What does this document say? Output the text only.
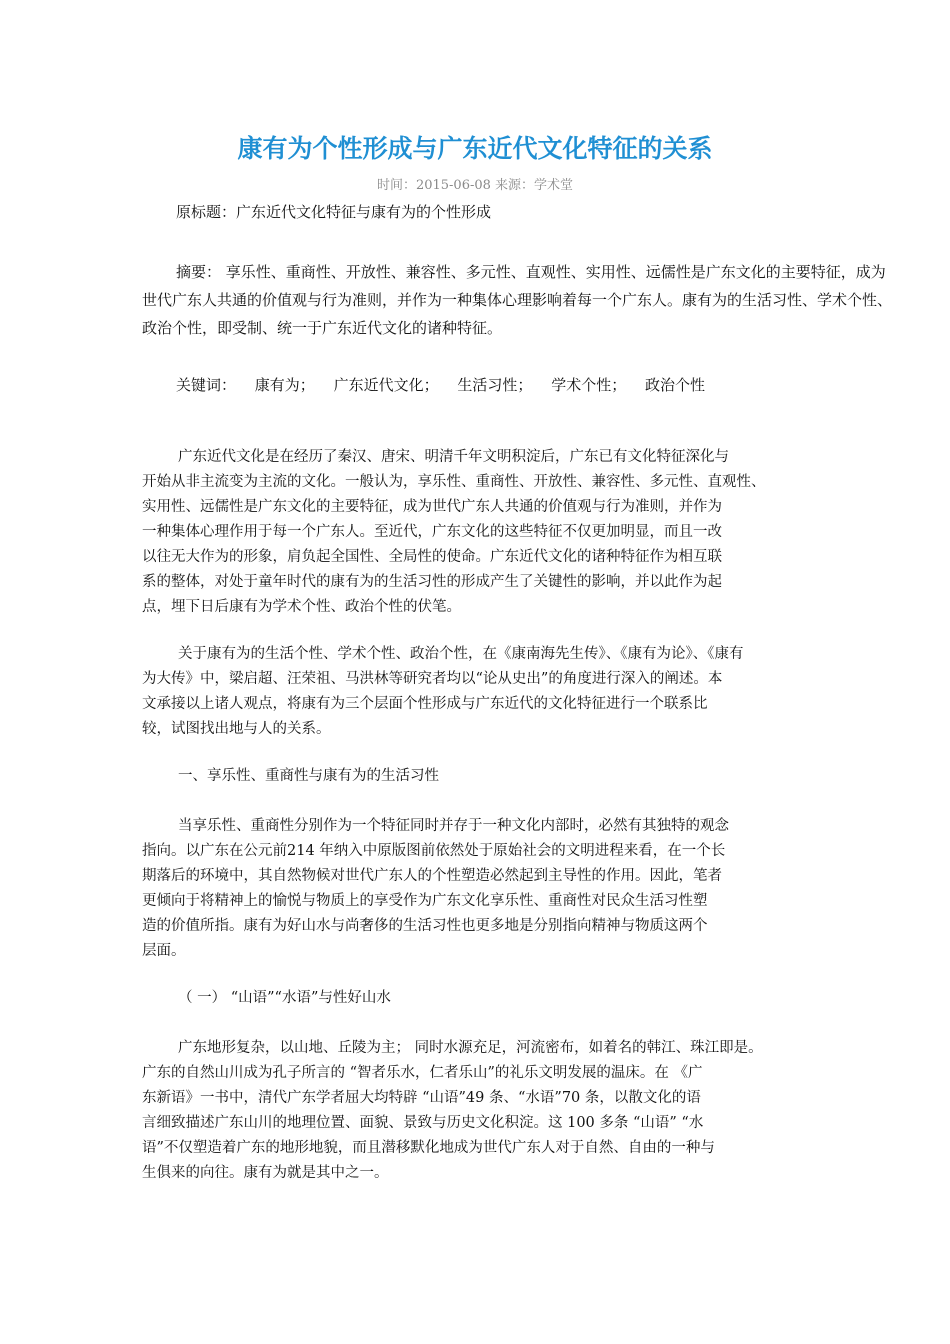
康有为个性形成与广东近代文化特征的关系
时间：2015-06-08 来源：学术堂
原标题：广东近代文化特征与康有为的个性形成
摘要： 享乐性、重商性、开放性、兼容性、多元性、直观性、实用性、远儒性是广东文化的主要特征，成为
世代广东人共通的价值观与行为准则，并作为一种集体心理影响着每一个广东人。康有为的生活习性、学术个性、
政治个性，即受制、统一于广东近代文化的诸种特征。
关键词： 康有为； 广东近代文化； 生活习性； 学术个性； 政治个性
广东近代文化是在经历了秦汉、唐宋、明清千年文明积淀后，广东已有文化特征深化与
开始从非主流变为主流的文化。一般认为，享乐性、重商性、开放性、兼容性、多元性、直观性、
实用性、远儒性是广东文化的主要特征，成为世代广东人共通的价值观与行为准则，并作为
一种集体心理作用于每一个广东人。至近代，广东文化的这些特征不仅更加明显，而且一改
以往无大作为的形象，肩负起全国性、全局性的使命。广东近代文化的诸种特征作为相互联
系的整体，对处于童年时代的康有为的生活习性的形成产生了关键性的影响，并以此作为起
点，埋下日后康有为学术个性、政治个性的伏笔。
关于康有为的生活个性、学术个性、政治个性，在《康南海先生传》、《康有为论》、《康有
为大传》中，梁启超、汪荣祖、马洪林等研究者均以“论从史出”的角度进行深入的阐述。本
文承接以上诸人观点，将康有为三个层面个性形成与广东近代的文化特征进行一个联系比
较，试图找出地与人的关系。
一、享乐性、重商性与康有为的生活习性
当享乐性、重商性分别作为一个特征同时并存于一种文化内部时，必然有其独特的观念
指向。以广东在公元前214 年纳入中原版图前依然处于原始社会的文明进程来看，在一个长
期落后的环境中，其自然物候对世代广东人的个性塑造必然起到主导性的作用。因此，笔者
更倾向于将精神上的愉悦与物质上的享受作为广东文化享乐性、重商性对民众生活习性塑
造的价值所指。康有为好山水与尚奢侈的生活习性也更多地是分别指向精神与物质这两个
层面。
（ 一） “山语”“水语”与性好山水
广东地形复杂，以山地、丘陵为主； 同时水源充足，河流密布，如着名的韩江、珠江即是。
广东的自然山川成为孔子所言的 “智者乐水，仁者乐山”的礼乐文明发展的温床。在 《广
东新语》一书中，清代广东学者屈大均特辟 “山语”49 条、“水语”70 条，以散文化的语
言细致描述广东山川的地理位置、面貌、景致与历史文化积淀。这 100 多条 “山语” “水
语”不仅塑造着广东的地形地貌，而且潜移默化地成为世代广东人对于自然、自由的一种与
生俱来的向往。康有为就是其中之一。
